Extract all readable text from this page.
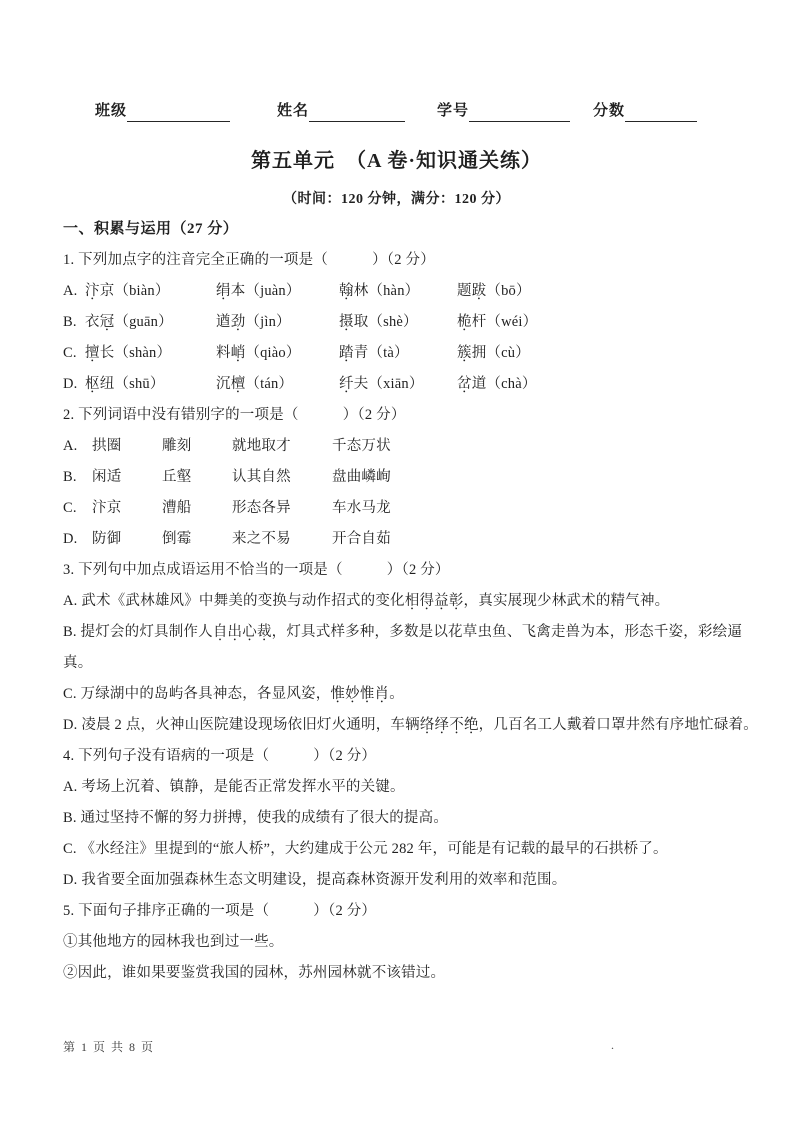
班级	姓名	学号	分数
第五单元　（A 卷·知识通关练）
（时间：120 分钟，满分：120 分）
一、积累与运用（27 分）
1. 下列加点字的注音完全正确的一项是（　　　）（2 分）
A. 汴京（biàn）	绢本（juàn）	翰林（hàn）	题跋（bō）
B. 衣冠（guān）	遒劲（jìn）	摄取（shè）	桅杆（wéi）
C. 擅长（shàn）	料峭（qiào）	踏青（tà）	簇拥（cù）
D. 枢纽（shū）	沉檀（tán）	纤夫（xiān） 岔道（chà）
2. 下列词语中没有错别字的一项是（　　　）（2 分）
A. 拱圈	雕刻	就地取才	千态万状
B. 闲适	丘壑	认其自然	盘曲嶙峋
C. 汴京	漕船	形态各异	车水马龙
D. 防御	倒霉	来之不易	开合自茹
3. 下列句中加点成语运用不恰当的一项是（　　　）（2 分）
A. 武术《武林雄风》中舞美的变换与动作招式的变化相得益彰，真实展现少林武术的精气神。
B. 提灯会的灯具制作人自出心裁，灯具式样多种，多数是以花草虫鱼、飞禽走兽为本，形态千姿，彩绘逼
真。
C. 万绿湖中的岛屿各具神态，各显风姿，惟妙惟肖。
D. 凌晨 2 点，火神山医院建设现场依旧灯火通明，车辆络绎不绝，几百名工人戴着口罩井然有序地忙碌着。
4. 下列句子没有语病的一项是（　　　）（2 分）
A. 考场上沉着、镇静，是能否正常发挥水平的关键。
B. 通过坚持不懈的努力拼搏，使我的成绩有了很大的提高。
C. 《水经注》里提到的“旅人桥”，大约建成于公元 282 年，可能是有记载的最早的石拱桥了。
D. 我省要全面加强森林生态文明建设，提高森林资源开发利用的效率和范围。
5. 下面句子排序正确的一项是（　　　）（2 分）
①其他地方的园林我也到过一些。
②因此，谁如果要鉴赏我国的园林，苏州园林就不该错过。
第 1 页 共 8 页	.
